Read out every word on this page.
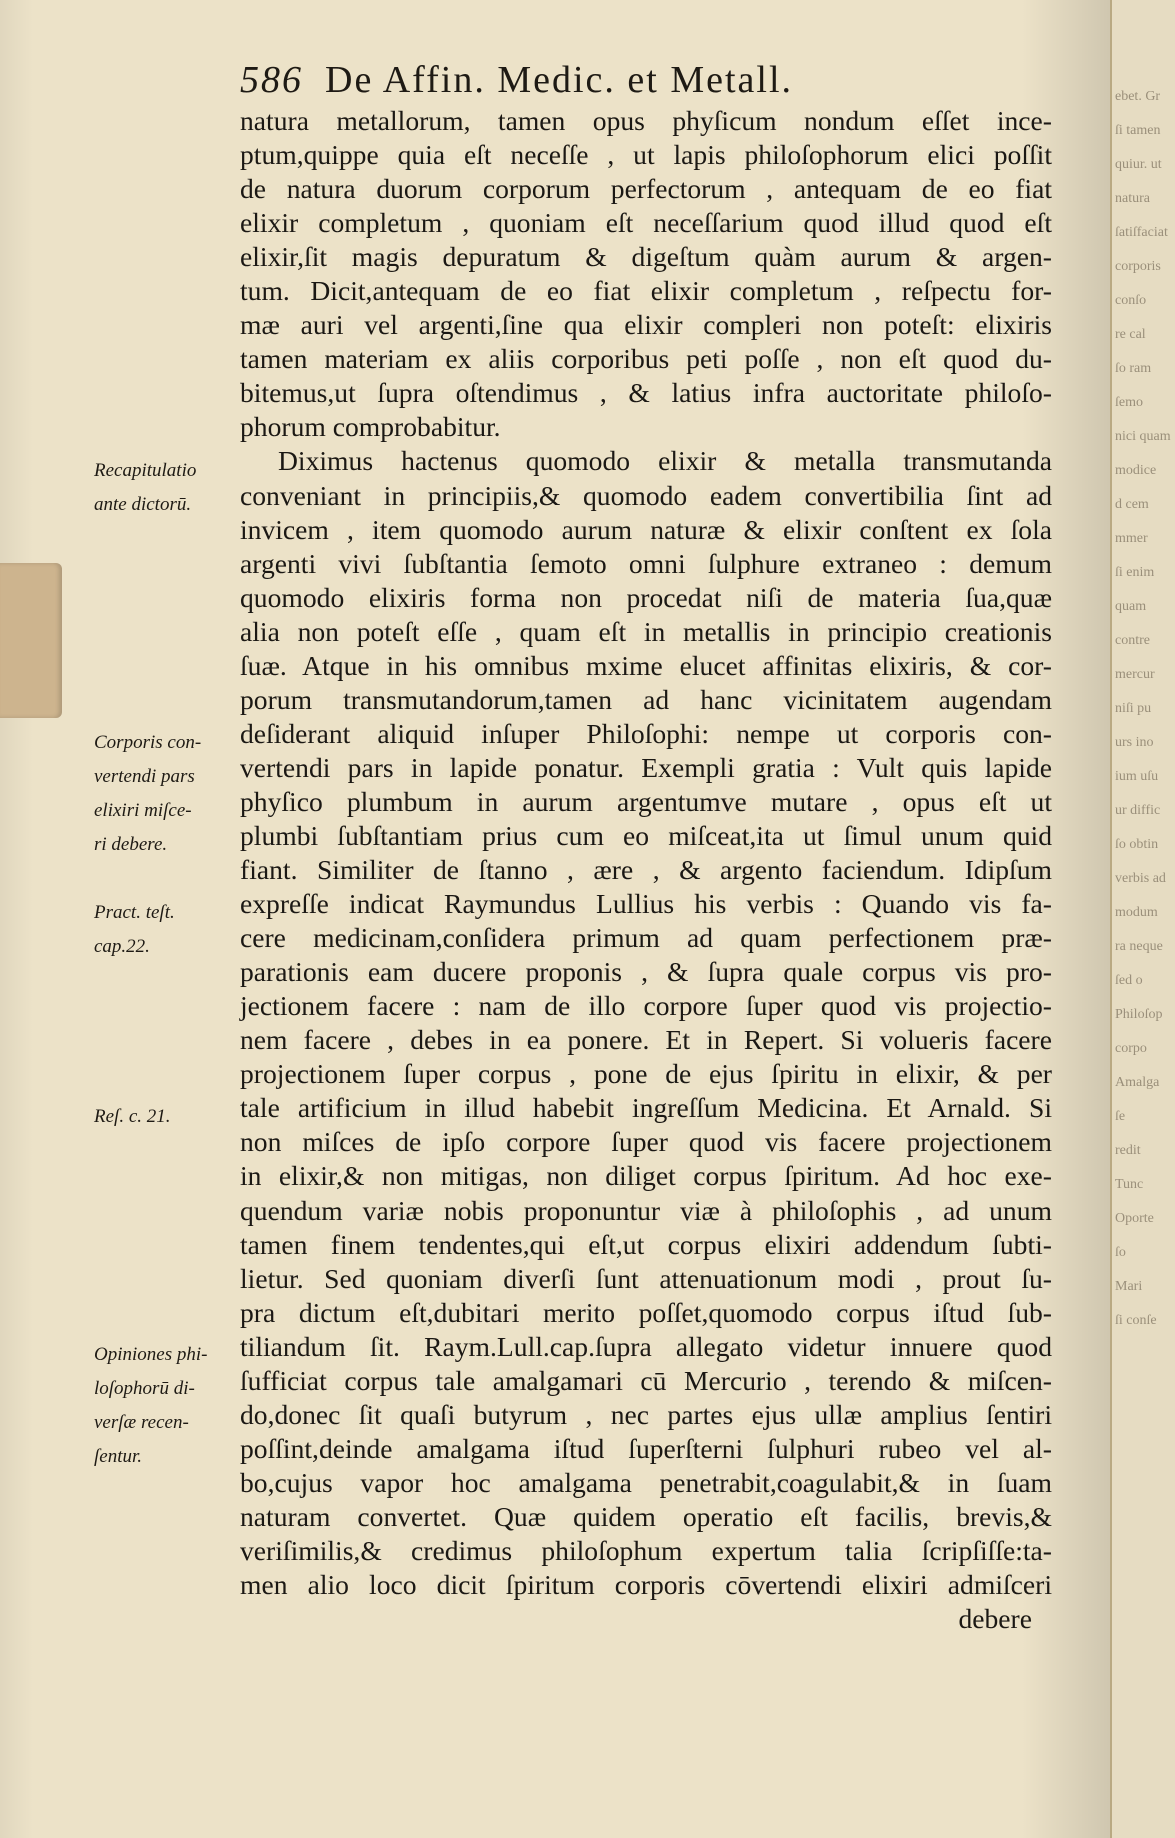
586 De Affin. Medic. et Metall.
natura metallorum, tamen opus phyſicum nondum eſſet ince-
ptum,quippe quia eſt neceſſe , ut lapis philoſophorum elici poſſit
de natura duorum corporum perfectorum , antequam de eo fiat
elixir completum , quoniam eſt neceſſarium quod illud quod eſt
elixir,ſit magis depuratum & digeſtum quàm aurum & argen-
tum. Dicit,antequam de eo fiat elixir completum , reſpectu for-
mæ auri vel argenti,ſine qua elixir compleri non poteſt: elixiris
tamen materiam ex aliis corporibus peti poſſe , non eſt quod du-
bitemus,ut ſupra oſtendimus , & latius infra auctoritate philoſo-
phorum comprobabitur.
Diximus hactenus quomodo elixir & metalla transmutanda
conveniant in principiis,& quomodo eadem convertibilia ſint ad
invicem , item quomodo aurum naturæ & elixir conſtent ex ſola
argenti vivi ſubſtantia ſemoto omni ſulphure extraneo : demum
quomodo elixiris forma non procedat niſi de materia ſua,quæ
alia non poteſt eſſe , quam eſt in metallis in principio creationis
ſuæ. Atque in his omnibus mxime elucet affinitas elixiris, & cor-
porum transmutandorum,tamen ad hanc vicinitatem augendam
deſiderant aliquid inſuper Philoſophi: nempe ut corporis con-
vertendi pars in lapide ponatur. Exempli gratia : Vult quis lapide
phyſico plumbum in aurum argentumve mutare , opus eſt ut
plumbi ſubſtantiam prius cum eo miſceat,ita ut ſimul unum quid
fiant. Similiter de ſtanno , ære , & argento faciendum. Idipſum
expreſſe indicat Raymundus Lullius his verbis : Quando vis fa-
cere medicinam,conſidera primum ad quam perfectionem præ-
parationis eam ducere proponis , & ſupra quale corpus vis pro-
jectionem facere : nam de illo corpore ſuper quod vis projectio-
nem facere , debes in ea ponere. Et in Repert. Si volueris facere
projectionem ſuper corpus , pone de ejus ſpiritu in elixir, & per
tale artificium in illud habebit ingreſſum Medicina. Et Arnald. Si
non miſces de ipſo corpore ſuper quod vis facere projectionem
in elixir,& non mitigas, non diliget corpus ſpiritum. Ad hoc exe-
quendum variæ nobis proponuntur viæ à philoſophis , ad unum
tamen finem tendentes,qui eſt,ut corpus elixiri addendum ſubti-
lietur. Sed quoniam diverſi ſunt attenuationum modi , prout ſu-
pra dictum eſt,dubitari merito poſſet,quomodo corpus iſtud ſub-
tiliandum ſit. Raym.Lull.cap.ſupra allegato videtur innuere quod
ſufficiat corpus tale amalgamari cū Mercurio , terendo & miſcen-
do,donec ſit quaſi butyrum , nec partes ejus ullæ amplius ſentiri
poſſint,deinde amalgama iſtud ſuperſterni ſulphuri rubeo vel al-
bo,cujus vapor hoc amalgama penetrabit,coagulabit,& in ſuam
naturam convertet. Quæ quidem operatio eſt facilis, brevis,&
veriſimilis,& credimus philoſophum expertum talia ſcripſiſſe:ta-
men alio loco dicit ſpiritum corporis cōvertendi elixiri admiſceri
debere
Recapitulatio
ante dictorū.
Corporis con-
vertendi pars
elixiri miſce-
ri debere.
Pract. teſt.
cap.22.
Reſ. c. 21.
Opiniones phi-
loſophorū di-
verſæ recen-
ſentur.
ebet. Gr
ſi tamen
quiur. ut
natura
ſatiſfaciat
corporis
conſo
re cal
ſo ram
ſemo
nici quam
modice
d cem
mmer
ſi enim
quam
contre
mercur
niſi pu
urs ino
ium uſu
ur diffic
ſo obtin
verbis ad
modum
ra neque
ſed o
Philoſop
corpo
Amalga
ſe
redit
Tunc
Oporte
ſo
Mari
ſi conſe
